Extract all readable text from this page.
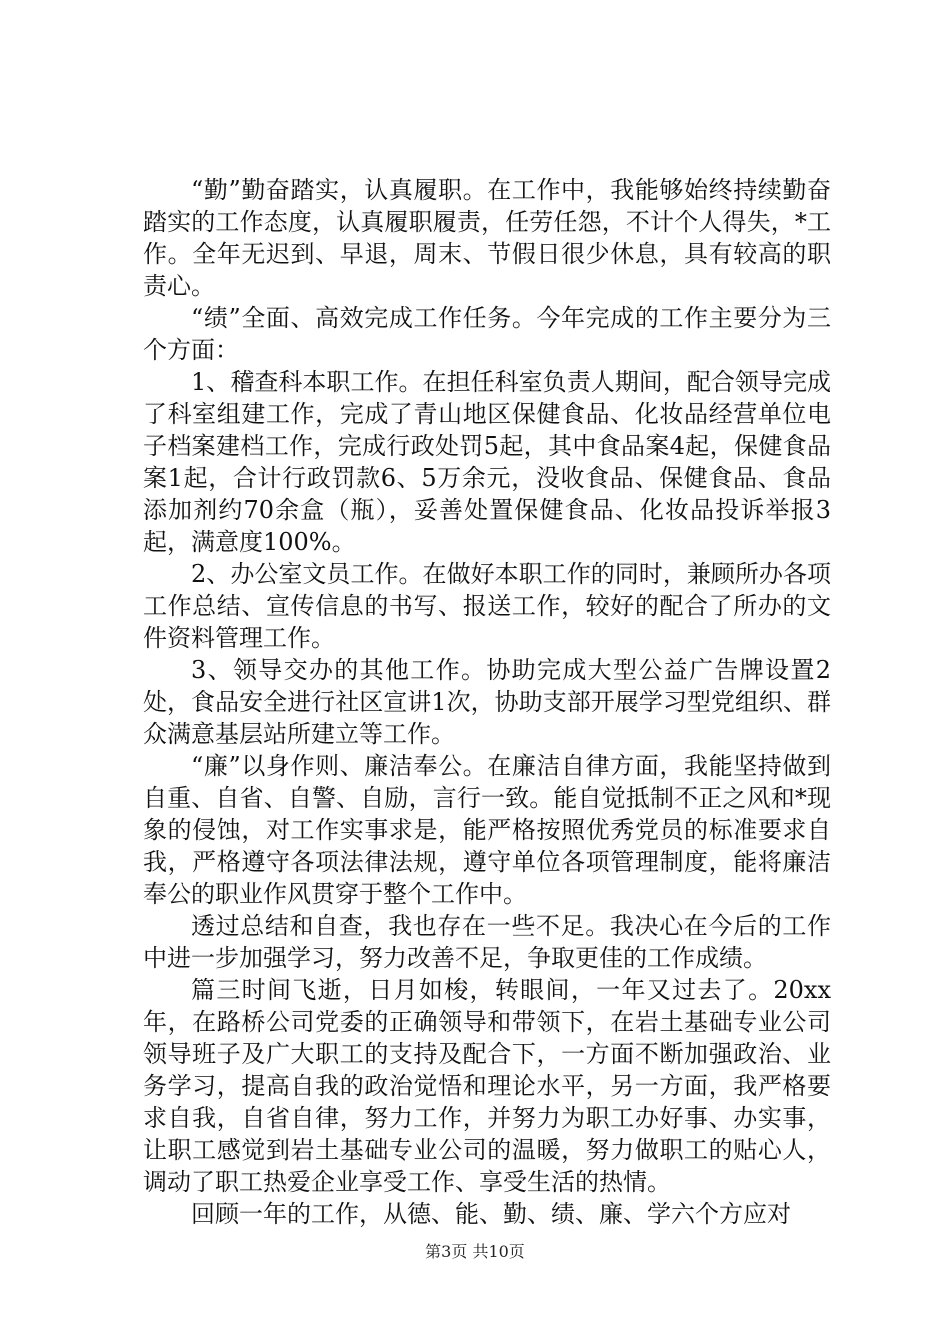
“勤”勤奋踏实，认真履职。在工作中，我能够始终持续勤奋踏实的工作态度，认真履职履责，任劳任怨，不计个人得失，*工作。全年无迟到、早退，周末、节假日很少休息，具有较高的职责心。

“绩”全面、高效完成工作任务。今年完成的工作主要分为三个方面：

1、稽查科本职工作。在担任科室负责人期间，配合领导完成了科室组建工作，完成了青山地区保健食品、化妆品经营单位电子档案建档工作，完成行政处罚5起，其中食品案4起，保健食品案1起，合计行政罚款6、5万余元，没收食品、保健食品、食品添加剂约70余盒（瓶），妥善处置保健食品、化妆品投诉举报3起，满意度100%。

2、办公室文员工作。在做好本职工作的同时，兼顾所办各项工作总结、宣传信息的书写、报送工作，较好的配合了所办的文件资料管理工作。

3、领导交办的其他工作。协助完成大型公益广告牌设置2处，食品安全进行社区宣讲1次，协助支部开展学习型党组织、群众满意基层站所建立等工作。

“廉”以身作则、廉洁奉公。在廉洁自律方面，我能坚持做到自重、自省、自警、自励，言行一致。能自觉抵制不正之风和*现象的侵蚀，对工作实事求是，能严格按照优秀党员的标准要求自我，严格遵守各项法律法规，遵守单位各项管理制度，能将廉洁奉公的职业作风贯穿于整个工作中。

透过总结和自查，我也存在一些不足。我决心在今后的工作中进一步加强学习，努力改善不足，争取更佳的工作成绩。

篇三时间飞逝，日月如梭，转眼间，一年又过去了。20xx年，在路桥公司党委的正确领导和带领下，在岩土基础专业公司领导班子及广大职工的支持及配合下，一方面不断加强政治、业务学习，提高自我的政治觉悟和理论水平，另一方面，我严格要求自我，自省自律，努力工作，并努力为职工办好事、办实事，让职工感觉到岩土基础专业公司的温暖，努力做职工的贴心人，调动了职工热爱企业享受工作、享受生活的热情。

回顾一年的工作，从德、能、勤、绩、廉、学六个方应对

第3页 共10页
